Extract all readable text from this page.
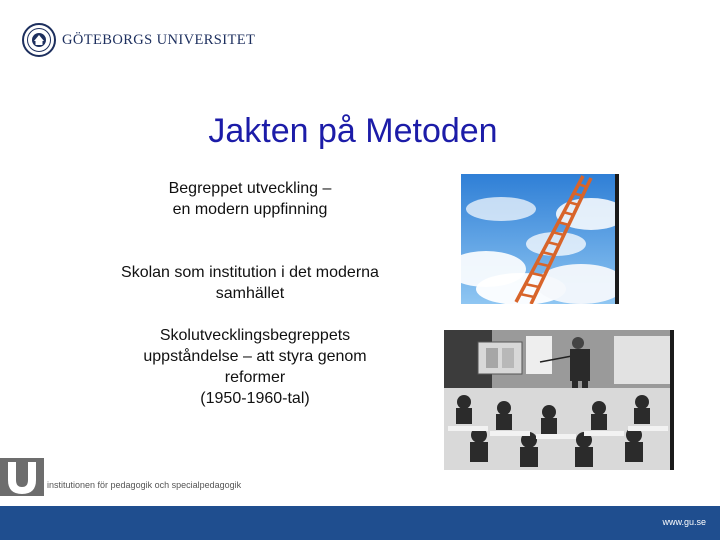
GÖTEBORGS UNIVERSITET
Jakten på Metoden
Begreppet utveckling –
en modern uppfinning
Skolan som institution i det moderna
samhället
Skolutvecklingsbegreppets
uppståndelse – att styra genom
reformer
(1950-1960-tal)
institutionen för pedagogik och specialpedagogik
www.gu.se
